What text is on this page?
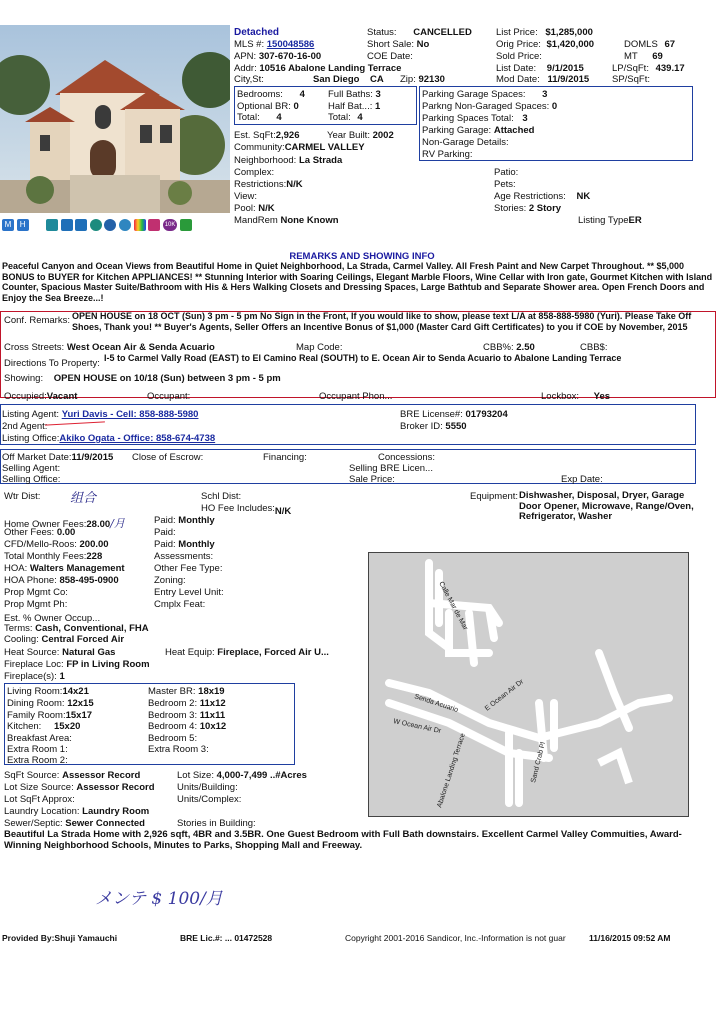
Detached
MLS #: 150048586
APN: 307-670-16-00
Addr: 10516 Abalone Landing Terrace
City,St:	San Diego CA Zip: 92130
Status: CANCELLED
Short Sale: No
COE Date:
List Price: $1,285,000
Orig Price: $1,420,000	DOMLS 67
Sold Price:	MT 69
List Date: 9/1/2015	LP/SqFt: 439.17
Mod Date: 11/9/2015 SP/SqFt:
Bedrooms: 4 Full Baths: 3
Optional BR: 0	Half Bat...: 1
Total: 4	Total: 4
Parking Garage Spaces: 3
Parkng Non-Garaged Spaces: 0
Parking Spaces Total: 3
Parking Garage: Attached
Non-Garage Details:
RV Parking:
Est. SqFt:2,926	Year Built: 2002
Community:CARMEL VALLEY
Neighborhood: La Strada
Complex:
Restrictions:N/K
View:
Pool: N/K
MandRem None Known
Patio:
Pets:
Age Restrictions: NK
Stories: 2 Story
Listing TypeER
M H	10K
REMARKS AND SHOWING INFO
Peaceful Canyon and Ocean Views from Beautiful Home in Quiet Neighborhood, La Strada, Carmel Valley. All Fresh Paint and New Carpet Throughout. ** $5,000 BONUS to BUYER for Kitchen APPLIANCES! ** Stunning Interior with Soaring Ceilings, Elegant Marble Floors, Wine Cellar with Iron gate, Gourmet Kitchen with Island Counter, Spacious Master Suite/Bathroom with His & Hers Walking Closets and Dressing Spaces, Large Bathtub and Separate Shower area. Open French Doors and Enjoy the Sea Breeze...!
Conf. Remarks: OPEN HOUSE on 18 OCT (Sun) 3 pm - 5 pm No Sign in the Front, If you would like to show, please text L/A at 858-888-5980 (Yuri). Please Take Off Shoes, Thank you! ** Buyer's Agents, Seller Offers an Incentive Bonus of $1,000 (Master Card Gift Certificates) to you if COE by November, 2015
Cross Streets: West Ocean Air & Senda Acuario	Map Code:	CBB%: 2.50	CBB$:
Directions To Property: I-5 to Carmel Vally Road (EAST) to El Camino Real (SOUTH) to E. Ocean Air to Senda Acuario to Abalone Landing Terrace
Showing: OPEN HOUSE on 10/18 (Sun) between 3 pm - 5 pm
Occupied:Vacant	Occupant:	Occupant Phon...	Lockbox: Yes
Listing Agent: Yuri Davis - Cell: 858-888-5980
2nd Agent:
Listing Office:Akiko Ogata - Office: 858-674-4738
BRE License#: 01793204
Broker ID: 5550
Off Market Date:11/9/2015 Close of Escrow:	Financing:	Concessions:
Selling Agent:	Selling BRE Licen...
Selling Office:	Sale Price:	Exp Date:
Wtr Dist: 组合	Schl Dist:
HO Fee Includes:N/K
Equipment: Dishwasher, Disposal, Dryer, Garage Door Opener, Microwave, Range/Oven, Refrigerator, Washer
Home Owner Fees:28.00/月	Paid: Monthly
Other Fees: 0.00	Paid:
CFD/Mello-Roos: 200.00	Paid: Monthly
Total Monthly Fees:228	Assessments:
HOA: Walters Management	Other Fee Type:
HOA Phone: 858-495-0900	Zoning:
Prop Mgmt Co:	Entry Level Unit:
Prop Mgmt Ph:	Cmplx Feat:
Est. % Owner Occup...
Terms: Cash, Conventional, FHA
Cooling: Central Forced Air
Heat Source: Natural Gas	Heat Equip: Fireplace, Forced Air U...
Fireplace Loc: FP in Living Room
Fireplace(s): 1
Living Room:14x21	Master BR: 18x19
Dining Room: 12x15	Bedroom 2: 11x12
Family Room:15x17	Bedroom 3: 11x11
Kitchen: 15x20	Bedroom 4: 10x12
Breakfast Area:	Bedroom 5:
Extra Room 1:	Extra Room 3:
Extra Room 2:
SqFt Source: Assessor Record	Lot Size: 4,000-7,499 ..#Acres
Lot Size Source: Assessor Record Units/Building:
Lot SqFt Approx:	Units/Complex:
Laundry Location: Laundry Room
Sewer/Septic: Sewer Connected	Stories in Building:
Beautiful La Strada Home with 2,926 sqft, 4BR and 3.5BR. One Guest Bedroom with Full Bath downstairs. Excellent Carmel Valley Commuities, Award-Winning Neighborhood Schools, Minutes to Parks, Shopping Mall and Freeway.
Calle Mar de Mar
Senda Acuario	E Ocean Air Dr
W Ocean Air Dr
Abalone Landing Terrace	Sand Crab Pl
メンテ $ 100/月
Provided By:Shuji Yamauchi	BRE Lic.#: ... 01472528	Copyright 2001-2016 Sandicor, Inc.-Information is not guar	11/16/2015 09:52 AM
